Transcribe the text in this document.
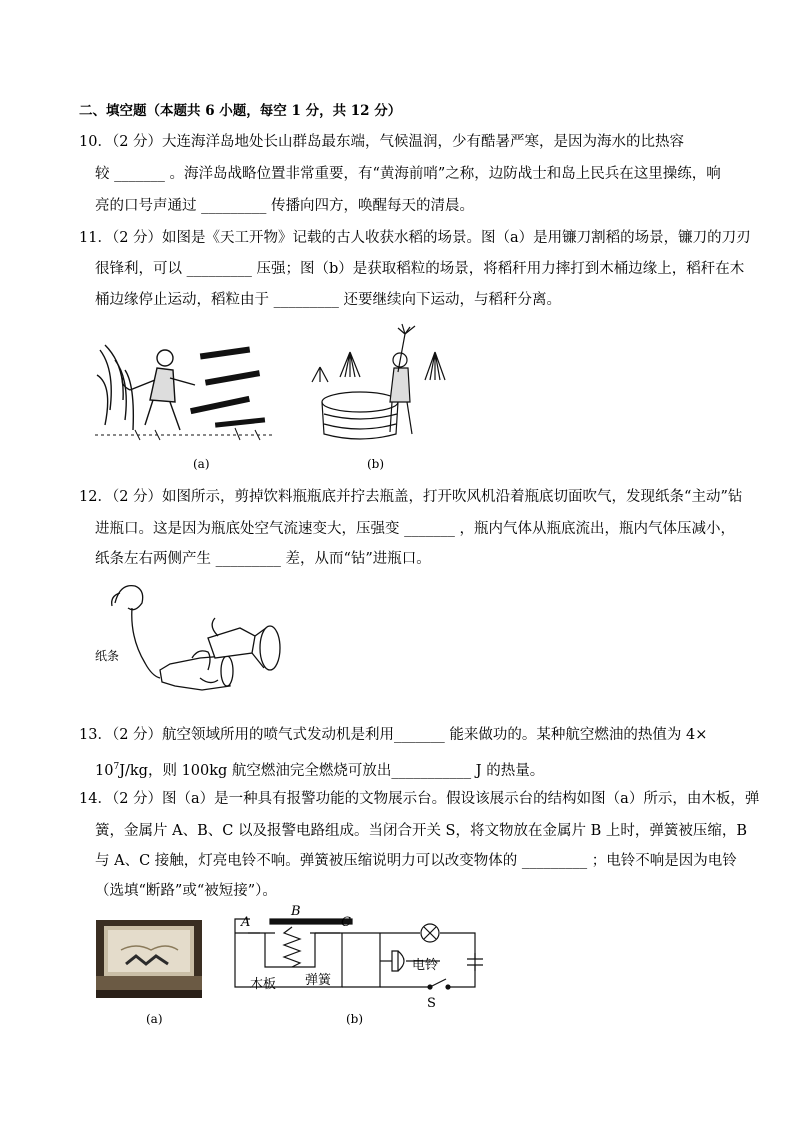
二、填空题（本题共 6 小题，每空 1 分，共 12 分）
10．（2 分）大连海洋岛地处长山群岛最东端，气候温润，少有酷暑严寒，是因为海水的比热容
较 _______ 。海洋岛战略位置非常重要，有“黄海前哨”之称，边防战士和岛上民兵在这里操练，响
亮的口号声通过 _________ 传播向四方，唤醒每天的清晨。
11．（2 分）如图是《天工开物》记载的古人收获水稻的场景。图（a）是用镰刀割稻的场景，镰刀的刀刃
很锋利，可以 _________ 压强；图（b）是获取稻粒的场景，将稻秆用力摔打到木桶边缘上，稻秆在木
桶边缘停止运动，稻粒由于 _________ 还要继续向下运动，与稻秆分离。
(a)	(b)
12．（2 分）如图所示，剪掉饮料瓶瓶底并拧去瓶盖，打开吹风机沿着瓶底切面吹气，发现纸条“主动”钻
进瓶口。这是因为瓶底处空气流速变大，压强变 _______ ，瓶内气体从瓶底流出，瓶内气体压减小，
纸条左右两侧产生 _________ 差，从而“钻”进瓶口。
纸条
13．（2 分）航空领域所用的喷气式发动机是利用_______ 能来做功的。某种航空燃油的热值为 4×
$10^7J/kg$，则 100kg 航空燃油完全燃烧可放出___________ J 的热量。
14．（2 分）图（a）是一种具有报警功能的文物展示台。假设该展示台的结构如图（a）所示，由木板，弹
簧，金属片 A、B、C 以及报警电路组成。当闭合开关 S，将文物放在金属片 B 上时，弹簧被压缩，B
与 A、C 接触，灯亮电铃不响。弹簧被压缩说明力可以改变物体的 _________ ；电铃不响是因为电铃
（选填“断路”或“被短接”）。
(a)
A
B
C
木板 弹簧
电铃
S
(b)
